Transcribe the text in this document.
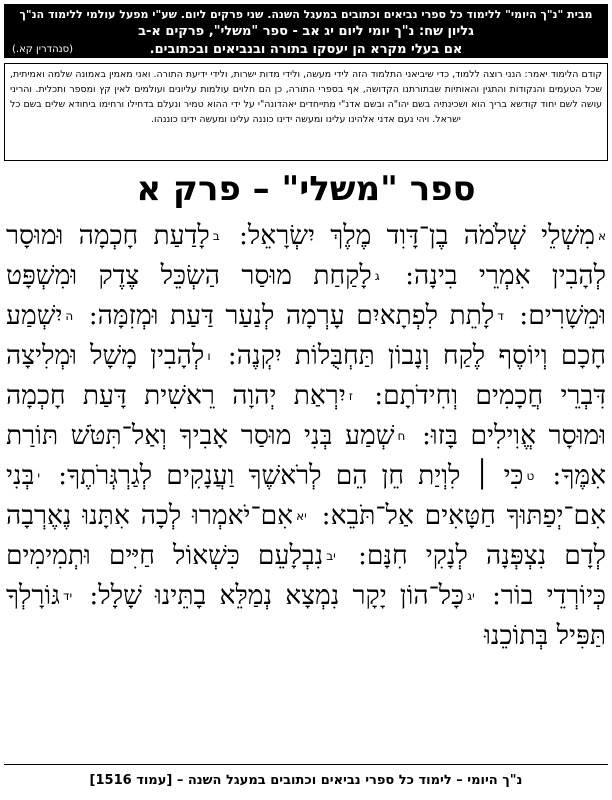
מבית "נ"ך היומי" ללימוד כל ספרי נביאים וכתובים במעגל השנה. שני פרקים ליום. שע"י מפעל עולמי ללימוד הנ"ך
גליון שח: נ"ך יומי ליום יג אב - ספר "משלי", פרקים א-ב
אם בעלי מקרא הן יעסקו בתורה ובנביאים ובכתובים.
(סנהדרין קא.)
קודם הלימוד יאמר: הנני רוצה ללמוד, כדי שיביאני התלמוד הזה לידי מעשה, ולידי מדות ישרות, ולידי ידיעת התורה. ואני מאמין באמונה שלמה ואמיתית, שכל הטעמים והנקודות והתגין והאותיות שבתורתנו הקדושה, אף בספרי התורה, כן הם חלוים עולמות עליונים ועולמים לאין קץ ומספר ותכלית. והריני עושה לשם יחוד קודשא בריך הוא ושכינתיה בשם יהו"ה ובשם אדנ"י מתייחדים יאהדונה"י על ידי ההוא טמיר ונעלם בדחילו ורחימו ביחודא שלים בשם כל ישראל. ויהי נעם אדני אלהינו עלינו ומעשה ידינו כוננה עלינו ומעשה ידינו כוננהו.
ספר "משלי" – פרק א
אמִשְׁלֵי שְׁלֹמֹה בֶן־דָּוִד מֶלֶךְ יִשְׂרָאֵל: בלָדַעַת חָכְמָה וּמוּסָר לְהָבִין אִמְרֵי בִינָה: גלָקַחַת מוּסַר הַשְׂכֵּל צֶדֶק וּמִשְׁפָּט וּמֵשָׁרִים: דלָתֵת לִפְתָאיִם עָרְמָה לְנַעַר דַּעַת וּמְזִמָּה: היִשְׁמַע חָכָם וְיוֹסֶף לֶקַח וְנָבוֹן תַּחְבֻּלוֹת יִקְנֶה: ולְהָבִין מָשָׁל וּמְלִיצָה דִּבְרֵי חֲכָמִים וְחִידֹתָם: זיִרְאַת יְהוָה רֵאשִׁית דָּעַת חָכְמָה וּמוּסָר אֱוִילִים בָּזוּ: חשְׁמַע בְּנִי מוּסַר אָבִיךָ וְאַל־תִּטֹּשׁ תּוֹרַת אִמֶּךָ: טכִּי ׀ לִוְיַת חֵן הֵם לְרֹאשֶׁךָ וַעֲנָקִים לְגַרְגְּרֹתֶךָ: יבְּנִי אִם־יְפַתּוּךָ חַטָּאִים אַל־תֹּבֵא: יאאִם־יֹאמְרוּ לְכָה אִתָּנוּ נֶאֶרְבָה לְדָם נִצְפְּנָה לְנָקִי חִנָּם: יבנִבְלָעֵם כִּשְׁאוֹל חַיִּים וּתְמִימִים כְּיוֹרְדֵי בוֹר: יגכָּל־הוֹן יָקָר נִמְצָא נְמַלֵּא בָתֵּינוּ שָׁלָל: ידגּוֹרָלְךָ תַּפִּיל בְּתוֹכֵנוּ
נ"ך היומי – לימוד כל ספרי נביאים וכתובים במעגל השנה – [עמוד 1516]
